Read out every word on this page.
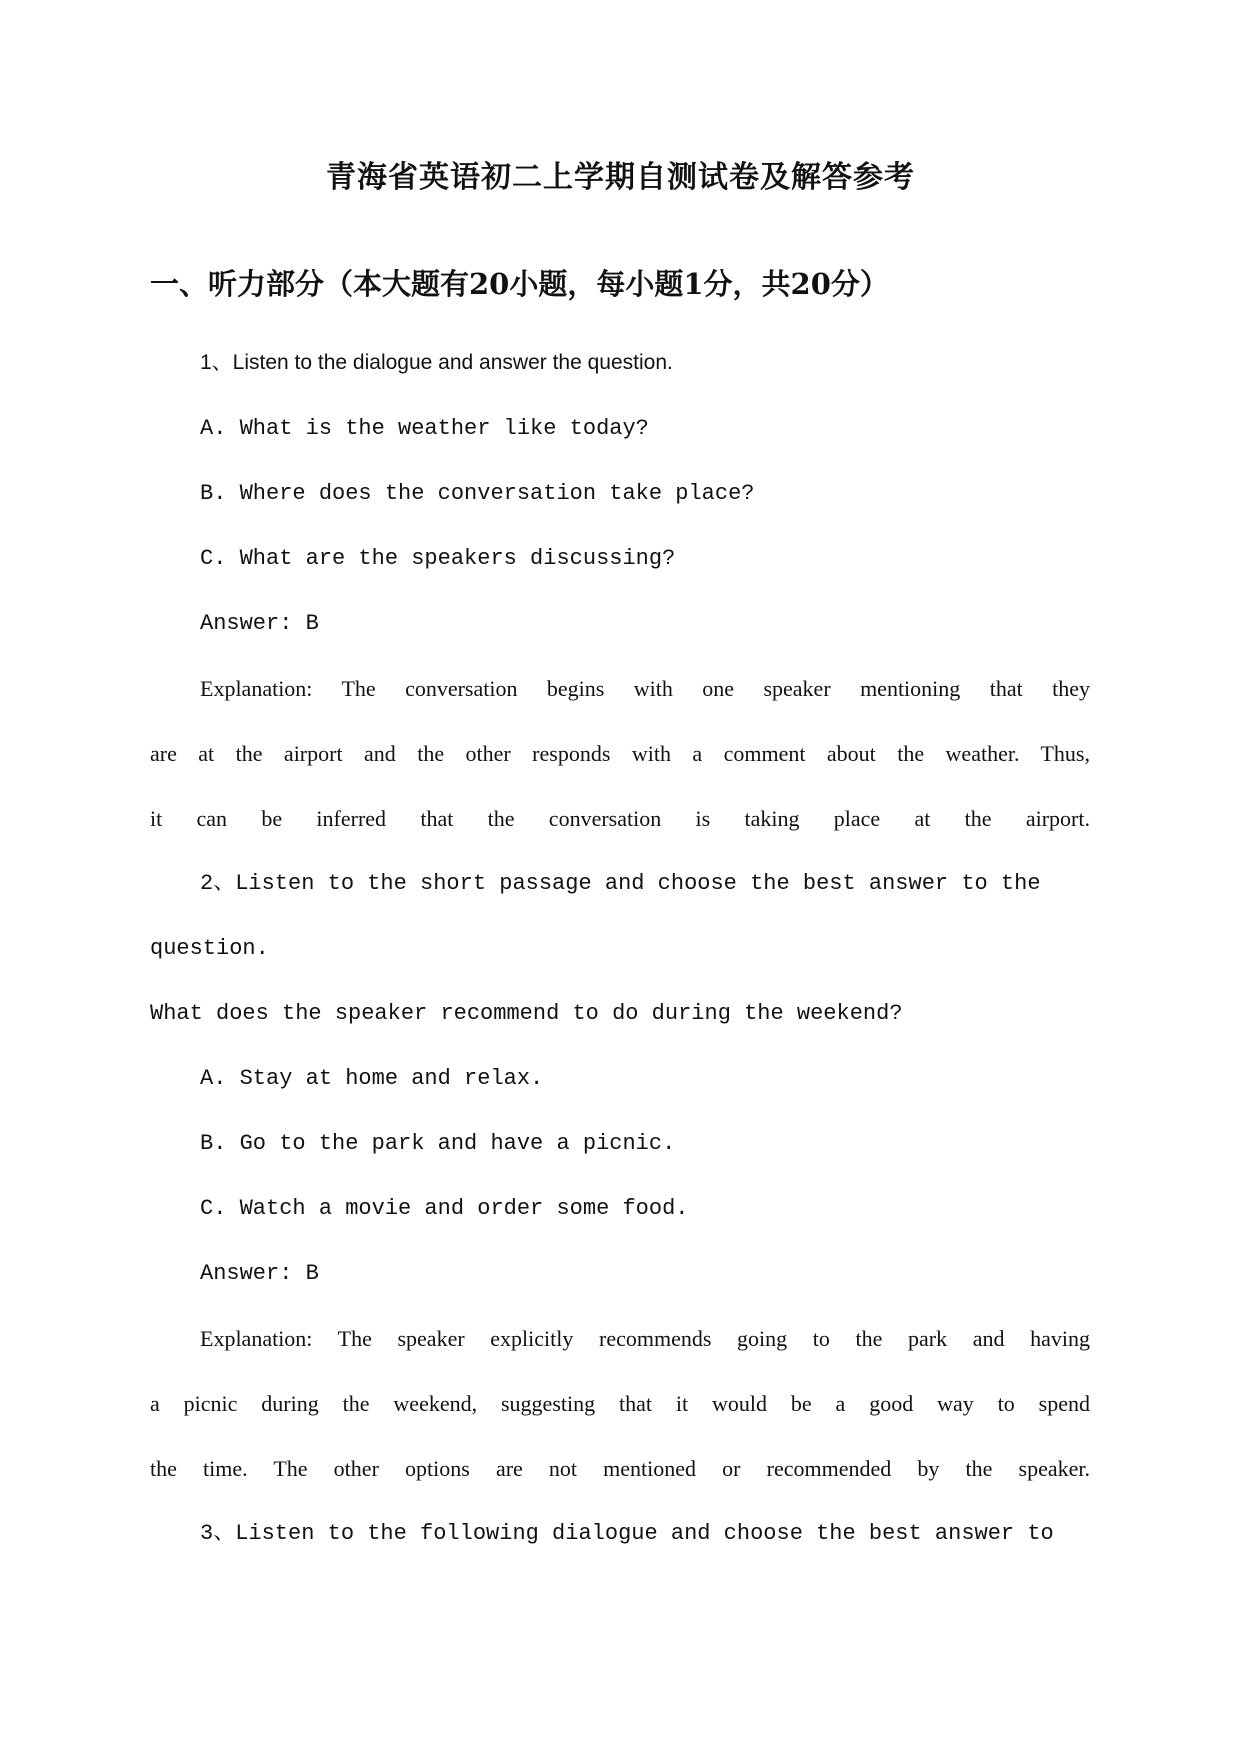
青海省英语初二上学期自测试卷及解答参考
一、听力部分（本大题有20小题，每小题1分，共20分）
1、Listen to the dialogue and answer the question.
A. What is the weather like today?
B. Where does the conversation take place?
C. What are the speakers discussing?
Answer: B
Explanation: The conversation begins with one speaker mentioning that they
are at the airport and the other responds with a comment about the weather. Thus,
it can be inferred that the conversation is taking place at the airport.
2、Listen to the short passage and choose the best answer to the
question.
What does the speaker recommend to do during the weekend?
A. Stay at home and relax.
B. Go to the park and have a picnic.
C. Watch a movie and order some food.
Answer: B
Explanation: The speaker explicitly recommends going to the park and having
a picnic during the weekend, suggesting that it would be a good way to spend
the time. The other options are not mentioned or recommended by the speaker.
3、Listen to the following dialogue and choose the best answer to
